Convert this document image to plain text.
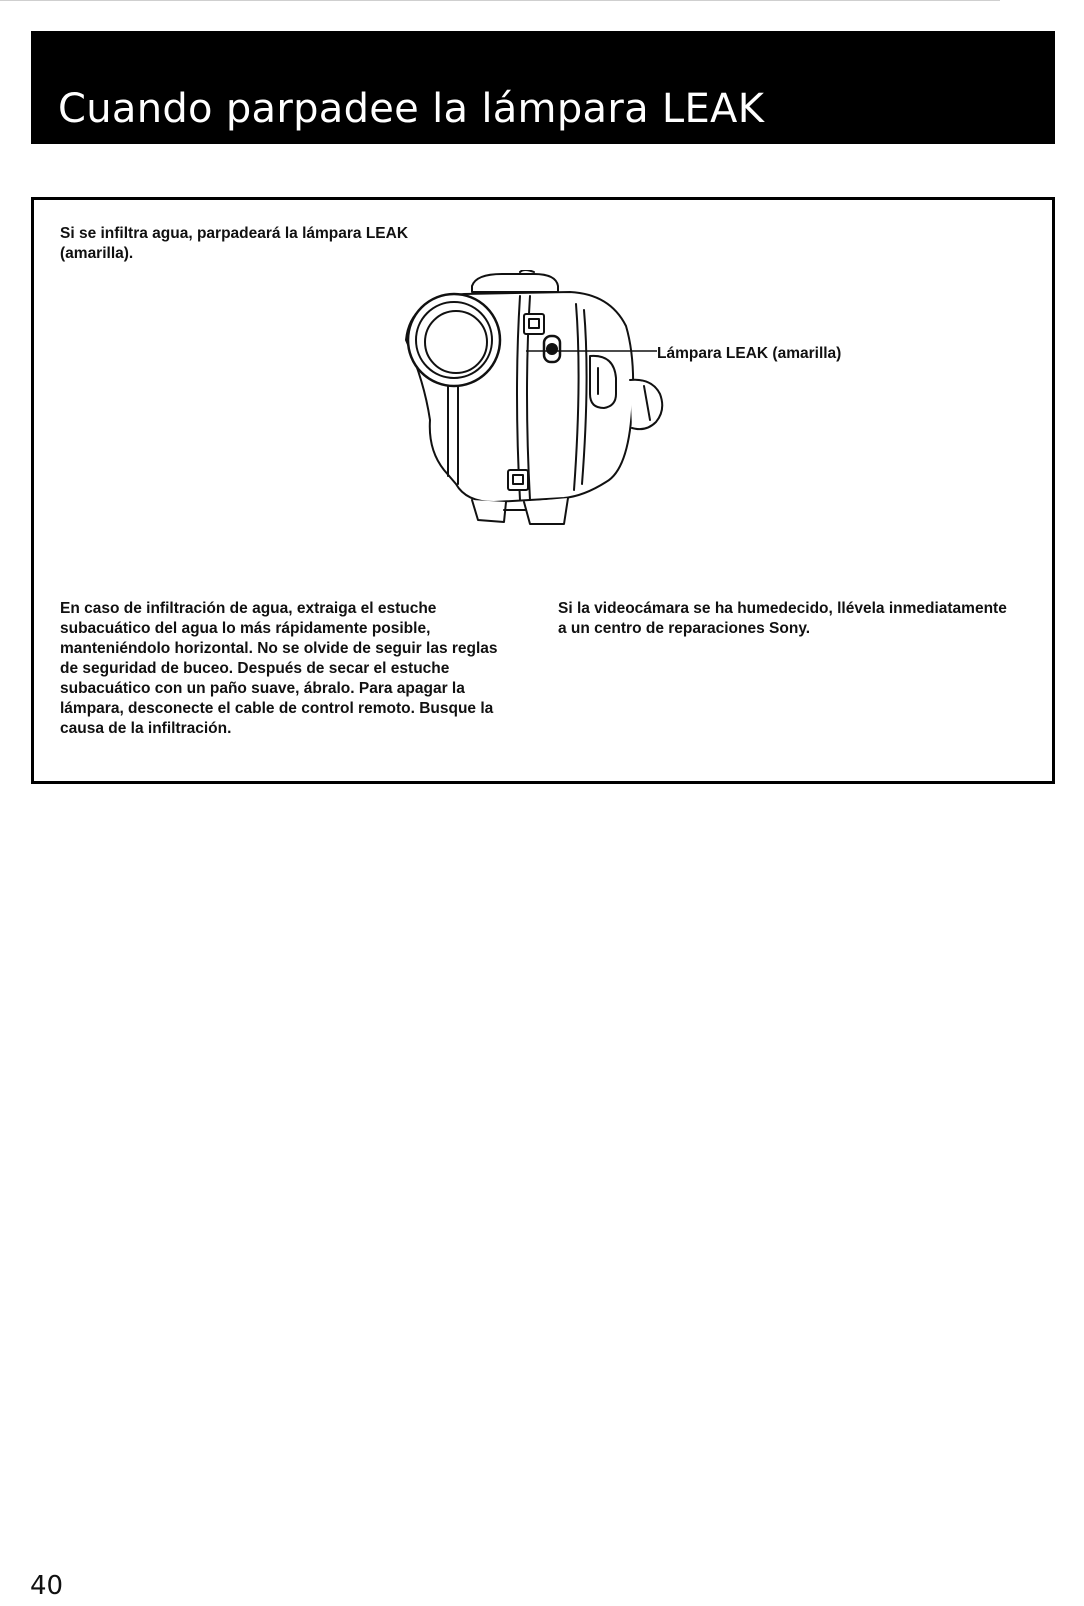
Cuando parpadee la lámpara LEAK
Si se infiltra agua, parpadeará la lámpara LEAK (amarilla).
Lámpara LEAK (amarilla)
En caso de infiltración de agua, extraiga el estuche subacuático del agua lo más rápidamente posible, manteniéndolo horizontal. No se olvide de seguir las reglas de seguridad de buceo. Después de secar el estuche subacuático con un paño suave, ábralo. Para apagar la lámpara, desconecte el cable de control remoto. Busque la causa de la infiltración.
Si la videocámara se ha humedecido, llévela inmediatamente a un centro de reparaciones Sony.
40
